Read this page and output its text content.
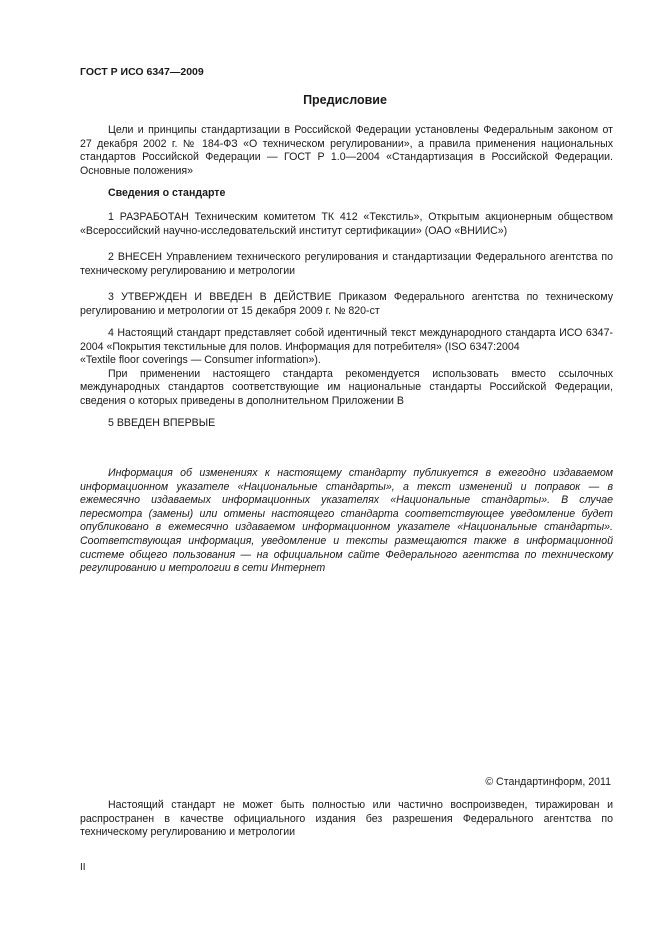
ГОСТ Р ИСО 6347—2009
Предисловие

Цели и принципы стандартизации в Российской Федерации установлены Федеральным законом от 27 декабря 2002 г. № 184-ФЗ «О техническом регулировании», а правила применения национальных стандартов Российской Федерации — ГОСТ Р 1.0—2004 «Стандартизация в Российской Федерации. Основные положения»

Сведения о стандарте

1 РАЗРАБОТАН Техническим комитетом ТК 412 «Текстиль», Открытым акционерным обществом «Всероссийский научно-исследовательский институт сертификации» (ОАО «ВНИИС»)

2 ВНЕСЕН Управлением технического регулирования и стандартизации Федерального агентства по техническому регулированию и метрологии

3 УТВЕРЖДЕН И ВВЕДЕН В ДЕЙСТВИЕ Приказом Федерального агентства по техническому регулированию и метрологии от 15 декабря 2009 г. № 820-ст

4 Настоящий стандарт представляет собой идентичный текст международного стандарта ИСО 6347-2004 «Покрытия текстильные для полов. Информация для потребителя» (ISO 6347:2004

«Textile floor coverings — Consumer information»).

При применении настоящего стандарта рекомендуется использовать вместо ссылочных международных стандартов соответствующие им национальные стандарты Российской Федерации, сведения о которых приведены в дополнительном Приложении В

5 ВВЕДЕН ВПЕРВЫЕ

Информация об изменениях к настоящему стандарту публикуется в ежегодно издаваемом информационном указателе «Национальные стандарты», а текст изменений и поправок — в ежемесячно издаваемых информационных указателях «Национальные стандарты». В случае пересмотра (замены) или отмены настоящего стандарта соответствующее уведомление будет опубликовано в ежемесячно издаваемом информационном указателе «Национальные стандарты». Соответствующая информация, уведомление и тексты размещаются также в информационной системе общего пользования — на официальном сайте Федерального агентства по техническому регулированию и метрологии в сети Интернет

© Стандартинформ, 2011

Настоящий стандарт не может быть полностью или частично воспроизведен, тиражирован и распространен в качестве официального издания без разрешения Федерального агентства по техническому регулированию и метрологии

II
